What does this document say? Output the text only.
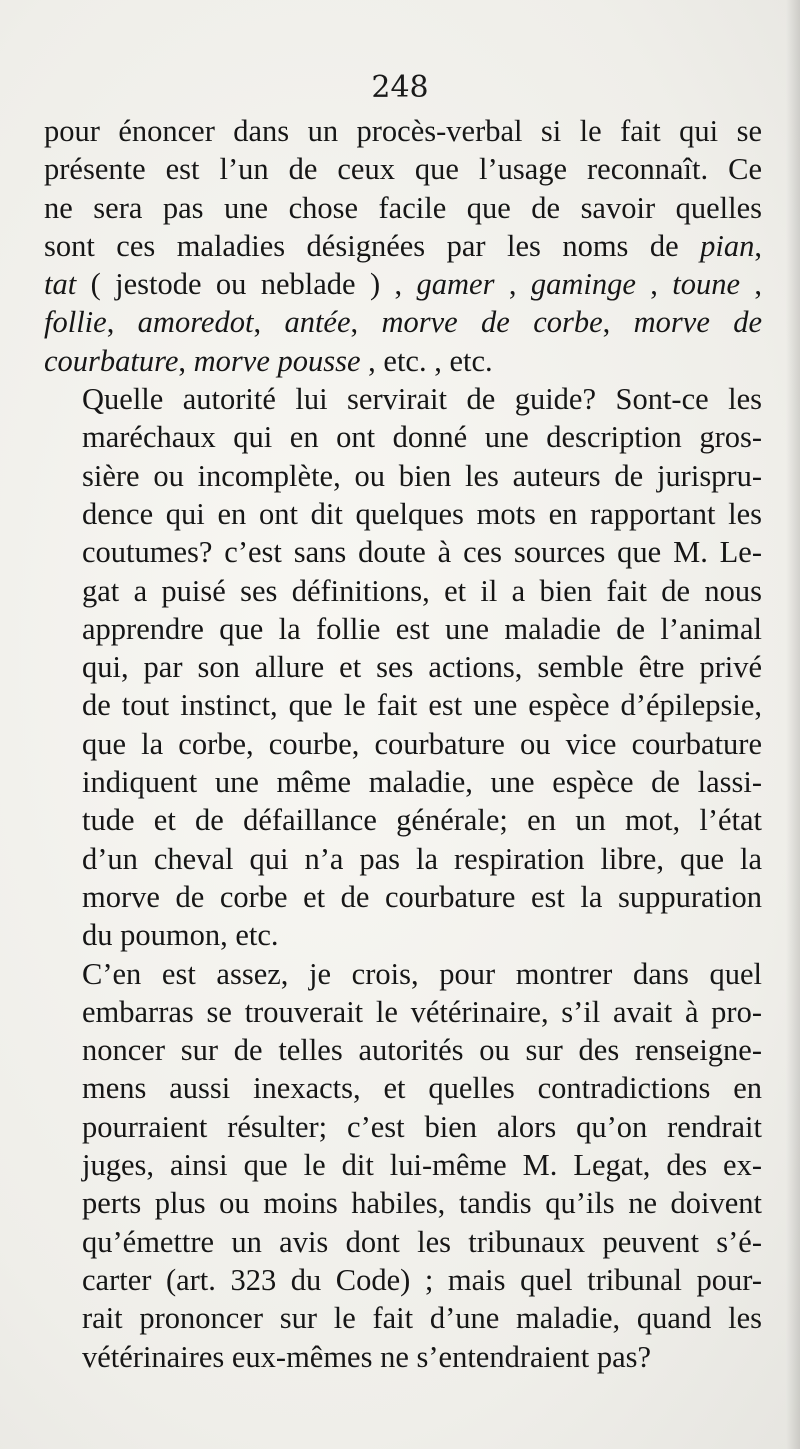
248

pour énoncer dans un procès-verbal si le fait qui se
présente est l’un de ceux que l’usage reconnaît. Ce
ne sera pas une chose facile que de savoir quelles
sont ces maladies désignées par les noms de pian,
tat ( jestode ou neblade ) , gamer , gaminge , toune ,
follie, amoredot, antée, morve de corbe, morve de
courbature, morve pousse , etc. , etc.

Quelle autorité lui servirait de guide? Sont-ce les
maréchaux qui en ont donné une description gros-
sière ou incomplète, ou bien les auteurs de jurispru-
dence qui en ont dit quelques mots en rapportant les
coutumes? c’est sans doute à ces sources que M. Le-
gat a puisé ses définitions, et il a bien fait de nous
apprendre que la follie est une maladie de l’animal
qui, par son allure et ses actions, semble être privé
de tout instinct, que le fait est une espèce d’épilepsie,
que la corbe, courbe, courbature ou vice courbature
indiquent une même maladie, une espèce de lassi-
tude et de défaillance générale; en un mot, l’état
d’un cheval qui n’a pas la respiration libre, que la
morve de corbe et de courbature est la suppuration
du poumon, etc.

C’en est assez, je crois, pour montrer dans quel
embarras se trouverait le vétérinaire, s’il avait à pro-
noncer sur de telles autorités ou sur des renseigne-
mens aussi inexacts, et quelles contradictions en
pourraient résulter; c’est bien alors qu’on rendrait
juges, ainsi que le dit lui-même M. Legat, des ex-
perts plus ou moins habiles, tandis qu’ils ne doivent
qu’émettre un avis dont les tribunaux peuvent s’é-
carter (art. 323 du Code) ; mais quel tribunal pour-
rait prononcer sur le fait d’une maladie, quand les
vétérinaires eux-mêmes ne s’entendraient pas?
